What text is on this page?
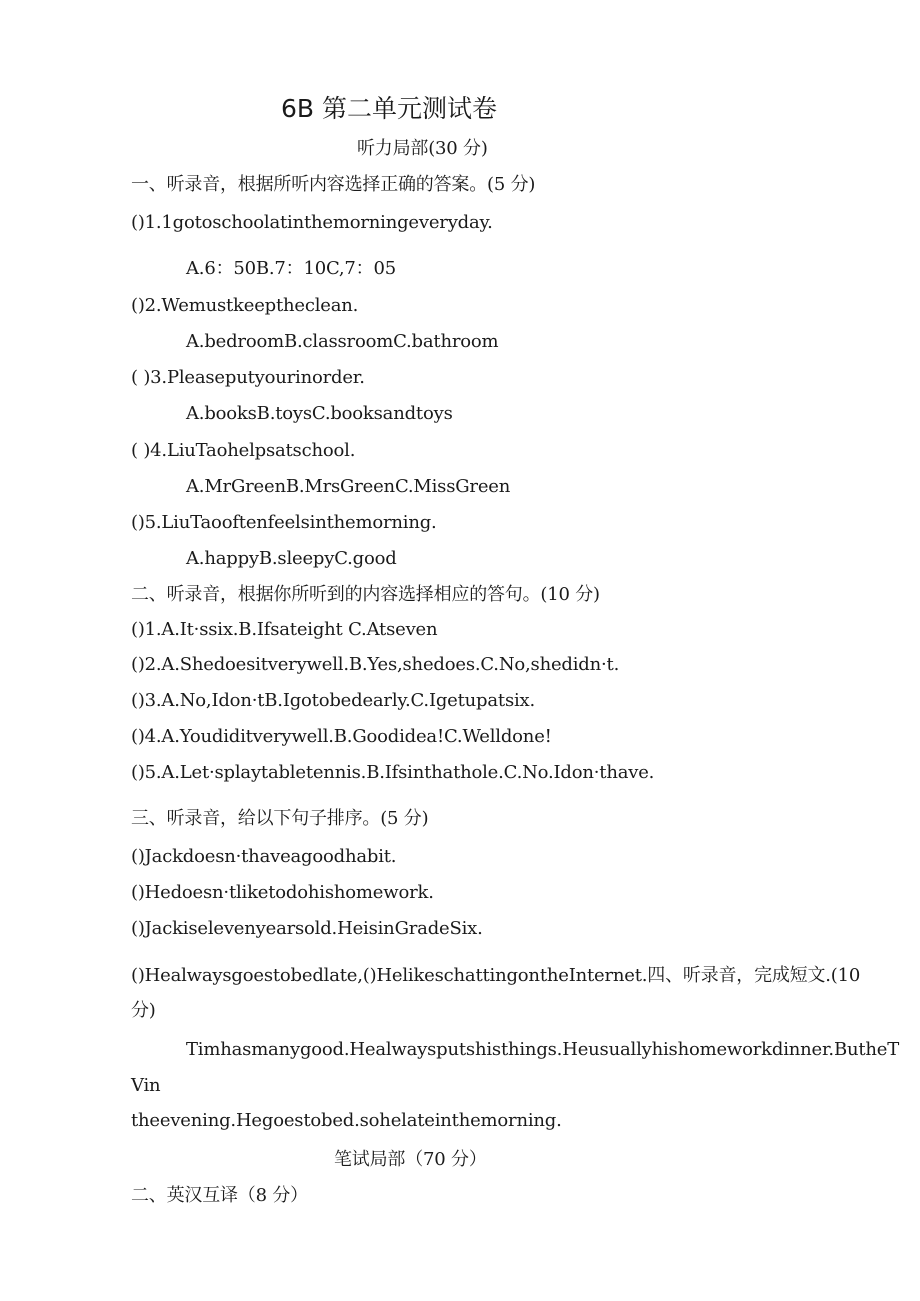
6B 第二单元测试卷
听力局部(30 分)
一、听录音，根据所听内容选择正确的答案。(5 分)
()1.1gotoschoolatinthemorningeveryday.
A.6：50B.7：10C,7：05
()2.Wemustkeeptheclean.
A.bedroomB.classroomC.bathroom
( )3.Pleaseputyourinorder.
A.booksB.toysC.booksandtoys
( )4.LiuTaohelpsatschool.
A.MrGreenB.MrsGreenC.MissGreen
()5.LiuTaooftenfeelsinthemorning.
A.happyB.sleepyC.good
二、听录音，根据你所听到的内容选择相应的答句。(10 分)
()1.A.It·ssix.B.Ifsateight C.Atseven
()2.A.Shedoesitverywell.B.Yes,shedoes.C.No,shedidn·t.
()3.A.No,Idon·tB.Igotobedearly.C.Igetupatsix.
()4.A.Youdiditverywell.B.Goodidea!C.Welldone!
()5.A.Let·splaytabletennis.B.Ifsinthathole.C.No.Idon·thave.
三、听录音，给以下句子排序。(5 分)
()Jackdoesn·thaveagoodhabit.
()Hedoesn·tliketodohishomework.
()Jackiselevenyearsold.HeisinGradeSix.
()Healwaysgoestobedlate,()HelikeschattingontheInternet.四、听录音，完成短文.(10
分)
Timhasmanygood.Healwaysputshisthings.Heusuallyhishomeworkdinner.ButheT
Vin
theevening.Hegoestobed.sohelateinthemorning.
笔试局部（70 分）
二、英汉互译（8 分）
